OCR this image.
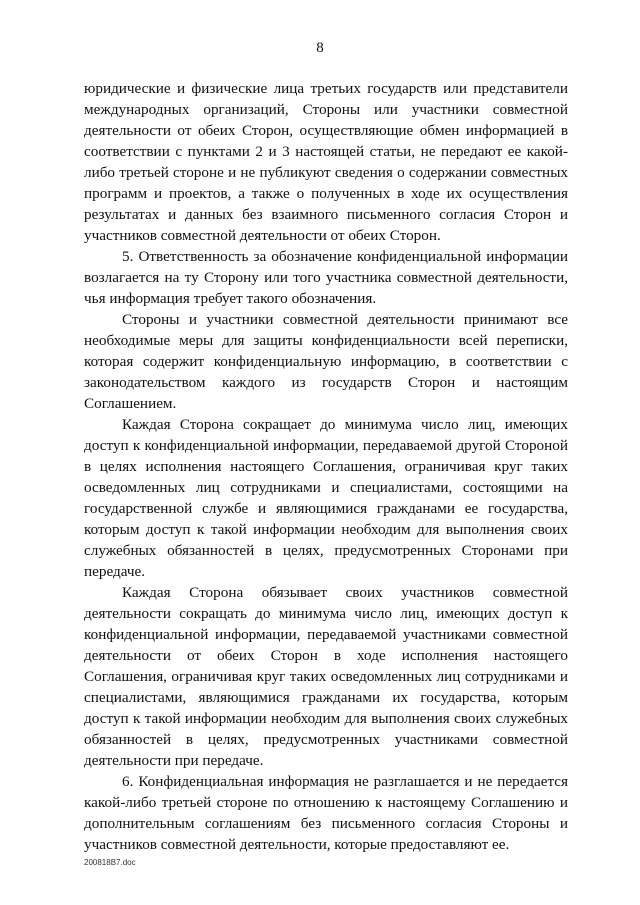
8

юридические и физические лица третьих государств или представители международных организаций, Стороны или участники совместной деятельности от обеих Сторон, осуществляющие обмен информацией в соответствии с пунктами 2 и 3 настоящей статьи, не передают ее какой-либо третьей стороне и не публикуют сведения о содержании совместных программ и проектов, а также о полученных в ходе их осуществления результатах и данных без взаимного письменного согласия Сторон и участников совместной деятельности от обеих Сторон.

5. Ответственность за обозначение конфиденциальной информации возлагается на ту Сторону или того участника совместной деятельности, чья информация требует такого обозначения.

Стороны и участники совместной деятельности принимают все необходимые меры для защиты конфиденциальности всей переписки, которая содержит конфиденциальную информацию, в соответствии с законодательством каждого из государств Сторон и настоящим Соглашением.

Каждая Сторона сокращает до минимума число лиц, имеющих доступ к конфиденциальной информации, передаваемой другой Стороной в целях исполнения настоящего Соглашения, ограничивая круг таких осведомленных лиц сотрудниками и специалистами, состоящими на государственной службе и являющимися гражданами ее государства, которым доступ к такой информации необходим для выполнения своих служебных обязанностей в целях, предусмотренных Сторонами при передаче.

Каждая Сторона обязывает своих участников совместной деятельности сокращать до минимума число лиц, имеющих доступ к конфиденциальной информации, передаваемой участниками совместной деятельности от обеих Сторон в ходе исполнения настоящего Соглашения, ограничивая круг таких осведомленных лиц сотрудниками и специалистами, являющимися гражданами их государства, которым доступ к такой информации необходим для выполнения своих служебных обязанностей в целях, предусмотренных участниками совместной деятельности при передаче.

6. Конфиденциальная информация не разглашается и не передается какой-либо третьей стороне по отношению к настоящему Соглашению и дополнительным соглашениям без письменного согласия Стороны и участников совместной деятельности, которые предоставляют ее.

200818B7.doc
